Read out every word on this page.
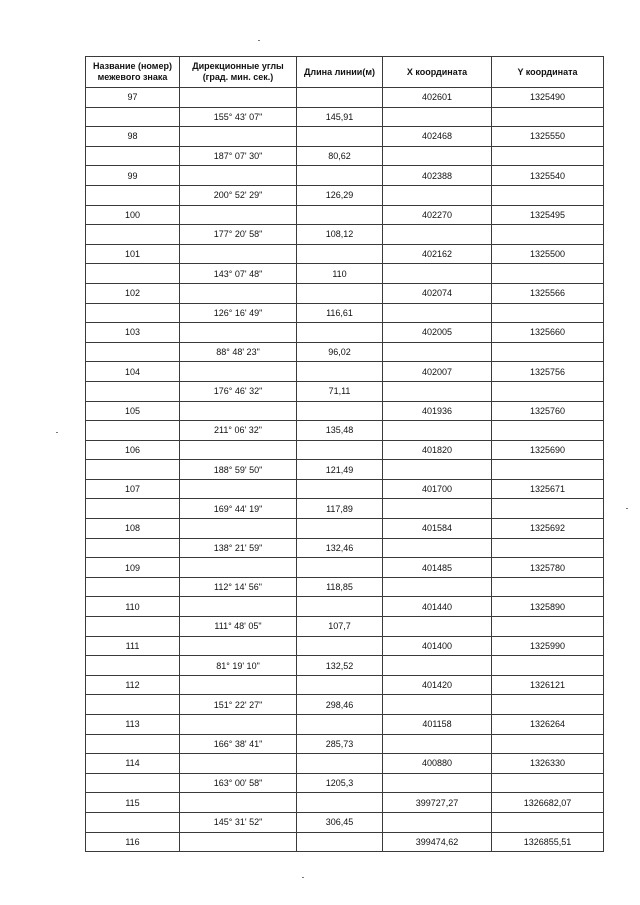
Название (номер) межевого знака	Дирекционные углы (град. мин. сек.)	Длина линии(м)	X координата	Y координата
97			402601	1325490
	155° 43' 07"	145,91		
98			402468	1325550
	187° 07' 30"	80,62		
99			402388	1325540
	200° 52' 29"	126,29		
100			402270	1325495
	177° 20' 58"	108,12		
101			402162	1325500
	143° 07' 48"	110		
102			402074	1325566
	126° 16' 49"	116,61		
103			402005	1325660
	88° 48' 23"	96,02		
104			402007	1325756
	176° 46' 32"	71,11		
105			401936	1325760
	211° 06' 32"	135,48		
106			401820	1325690
	188° 59' 50"	121,49		
107			401700	1325671
	169° 44' 19"	117,89		
108			401584	1325692
	138° 21' 59"	132,46		
109			401485	1325780
	112° 14' 56"	118,85		
110			401440	1325890
	111° 48' 05"	107,7		
111			401400	1325990
	81° 19' 10"	132,52		
112			401420	1326121
	151° 22' 27"	298,46		
113			401158	1326264
	166° 38' 41"	285,73		
114			400880	1326330
	163° 00' 58"	1205,3		
115			399727,27	1326682,07
	145° 31' 52"	306,45		
116			399474,62	1326855,51
